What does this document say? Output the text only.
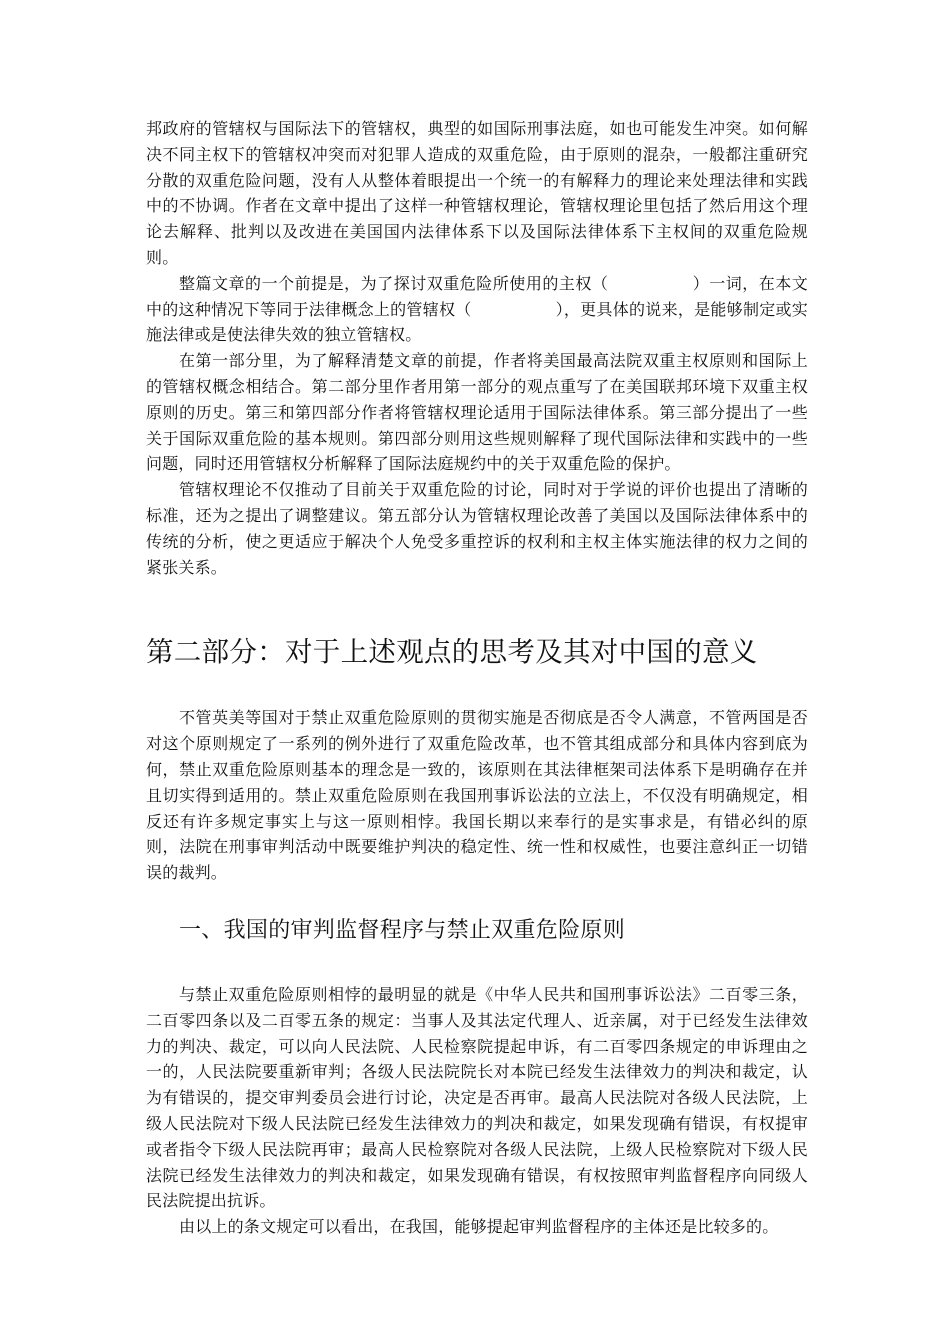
邦政府的管辖权与国际法下的管辖权，典型的如国际刑事法庭，如也可能发生冲突。如何解决不同主权下的管辖权冲突而对犯罪人造成的双重危险，由于原则的混杂，一般都注重研究分散的双重危险问题，没有人从整体着眼提出一个统一的有解释力的理论来处理法律和实践中的不协调。作者在文章中提出了这样一种管辖权理论，管辖权理论里包括了然后用这个理论去解释、批判以及改进在美国国内法律体系下以及国际法律体系下主权间的双重危险规则。

整篇文章的一个前提是，为了探讨双重危险所使用的主权（	）一词，在本文中的这种情况下等同于法律概念上的管辖权（	），更具体的说来，是能够制定或实施法律或是使法律失效的独立管辖权。

在第一部分里，为了解释清楚文章的前提，作者将美国最高法院双重主权原则和国际上的管辖权概念相结合。第二部分里作者用第一部分的观点重写了在美国联邦环境下双重主权原则的历史。第三和第四部分作者将管辖权理论适用于国际法律体系。第三部分提出了一些关于国际双重危险的基本规则。第四部分则用这些规则解释了现代国际法律和实践中的一些问题，同时还用管辖权分析解释了国际法庭规约中的关于双重危险的保护。

管辖权理论不仅推动了目前关于双重危险的讨论，同时对于学说的评价也提出了清晰的标准，还为之提出了调整建议。第五部分认为管辖权理论改善了美国以及国际法律体系中的传统的分析，使之更适应于解决个人免受多重控诉的权利和主权主体实施法律的权力之间的紧张关系。

第二部分：对于上述观点的思考及其对中国的意义

不管英美等国对于禁止双重危险原则的贯彻实施是否彻底是否令人满意，不管两国是否对这个原则规定了一系列的例外进行了双重危险改革，也不管其组成部分和具体内容到底为何，禁止双重危险原则基本的理念是一致的，该原则在其法律框架司法体系下是明确存在并且切实得到适用的。禁止双重危险原则在我国刑事诉讼法的立法上，不仅没有明确规定，相反还有许多规定事实上与这一原则相悖。我国长期以来奉行的是实事求是，有错必纠的原则，法院在刑事审判活动中既要维护判决的稳定性、统一性和权威性，也要注意纠正一切错误的裁判。

一、我国的审判监督程序与禁止双重危险原则

与禁止双重危险原则相悖的最明显的就是《中华人民共和国刑事诉讼法》二百零三条，二百零四条以及二百零五条的规定：当事人及其法定代理人、近亲属，对于已经发生法律效力的判决、裁定，可以向人民法院、人民检察院提起申诉，有二百零四条规定的申诉理由之一的，人民法院要重新审判；各级人民法院院长对本院已经发生法律效力的判决和裁定，认为有错误的，提交审判委员会进行讨论，决定是否再审。最高人民法院对各级人民法院，上级人民法院对下级人民法院已经发生法律效力的判决和裁定，如果发现确有错误，有权提审或者指令下级人民法院再审；最高人民检察院对各级人民法院，上级人民检察院对下级人民法院已经发生法律效力的判决和裁定，如果发现确有错误，有权按照审判监督程序向同级人民法院提出抗诉。

由以上的条文规定可以看出，在我国，能够提起审判监督程序的主体还是比较多的。
